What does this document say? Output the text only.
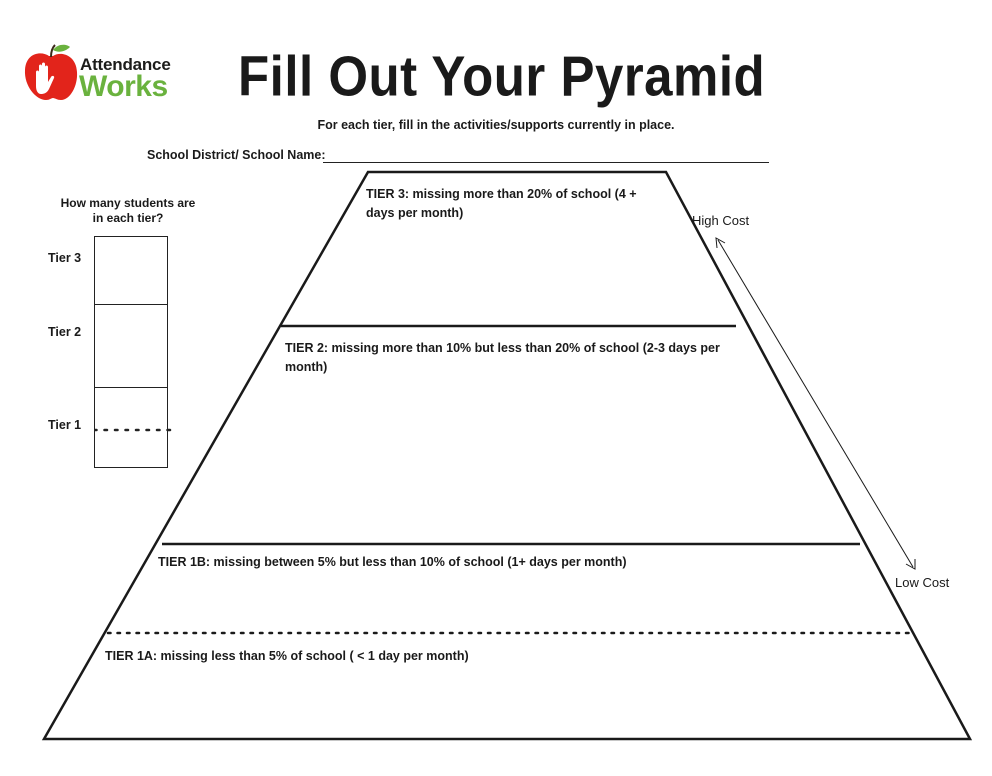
Attendance
Works Fill Out Your Pyramid
For each tier, fill in the activities/supports currently in place.
School District/ School Name:
How many students are in each tier?
Tier 3
Tier 2
Tier 1
TIER 3: missing more than 20% of school (4 + days per month)
TIER 2: missing more than 10% but less than 20% of school (2-3 days per month)
TIER 1B: missing between 5% but less than 10% of school (1+ days per month)
TIER 1A: missing less than 5% of school ( < 1 day per month)
High Cost
Low Cost
